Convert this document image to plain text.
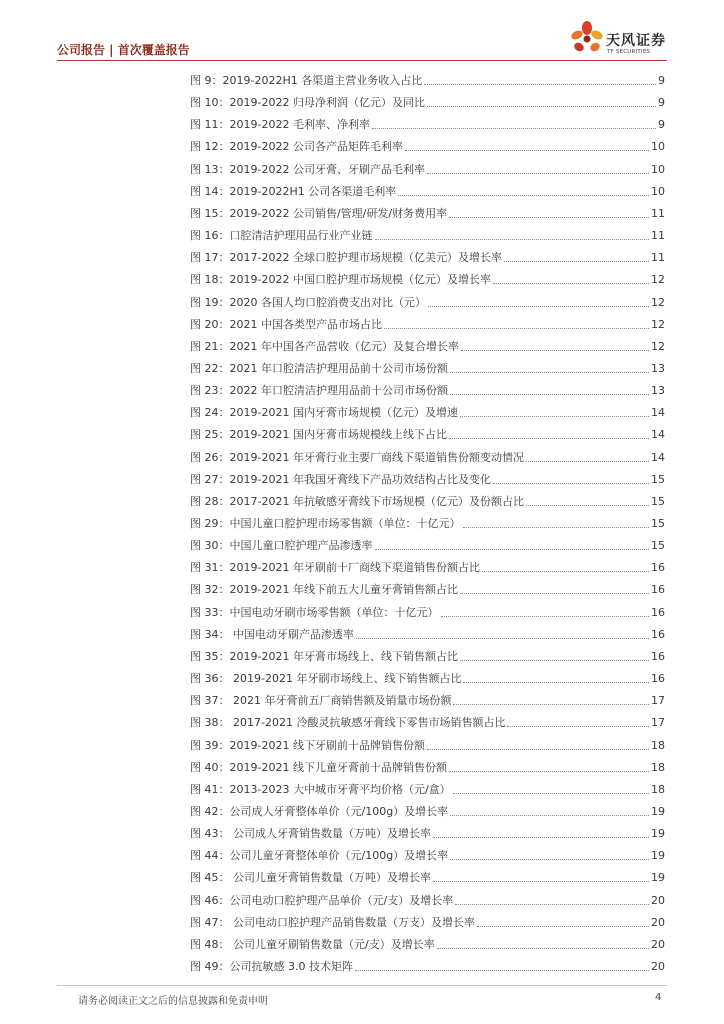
公司报告 | 首次覆盖报告
天风证券
TF SECURITIES
图 9：2019-2022H1 各渠道主营业务收入占比	9
图 10：2019-2022 归母净利润（亿元）及同比	9
图 11：2019-2022 毛利率、净利率	9
图 12：2019-2022 公司各产品矩阵毛利率	10
图 13：2019-2022 公司牙膏、牙刷产品毛利率	10
图 14：2019-2022H1 公司各渠道毛利率	10
图 15：2019-2022 公司销售/管理/研发/财务费用率	11
图 16：口腔清洁护理用品行业产业链	11
图 17：2017-2022 全球口腔护理市场规模（亿美元）及增长率	11
图 18：2019-2022 中国口腔护理市场规模（亿元）及增长率	12
图 19：2020 各国人均口腔消费支出对比（元）	12
图 20：2021 中国各类型产品市场占比	12
图 21：2021 年中国各产品营收（亿元）及复合增长率	12
图 22：2021 年口腔清洁护理用品前十公司市场份额	13
图 23：2022 年口腔清洁护理用品前十公司市场份额	13
图 24：2019-2021 国内牙膏市场规模（亿元）及增速	14
图 25：2019-2021 国内牙膏市场规模线上线下占比	14
图 26：2019-2021 年牙膏行业主要厂商线下渠道销售份额变动情况	14
图 27：2019-2021 年我国牙膏线下产品功效结构占比及变化	15
图 28：2017-2021 年抗敏感牙膏线下市场规模（亿元）及份额占比	15
图 29：中国儿童口腔护理市场零售额（单位：十亿元）	15
图 30：中国儿童口腔护理产品渗透率	15
图 31：2019-2021 年牙刷前十厂商线下渠道销售份额占比	16
图 32：2019-2021 年线下前五大儿童牙膏销售额占比	16
图 33：中国电动牙刷市场零售额（单位：十亿元）	16
图 34： 中国电动牙刷产品渗透率	16
图 35：2019-2021 年牙膏市场线上、线下销售额占比	16
图 36： 2019-2021 年牙刷市场线上、线下销售额占比	16
图 37： 2021 年牙膏前五厂商销售额及销量市场份额	17
图 38： 2017-2021 冷酸灵抗敏感牙膏线下零售市场销售额占比	17
图 39：2019-2021 线下牙刷前十品牌销售份额	18
图 40：2019-2021 线下儿童牙膏前十品牌销售份额	18
图 41：2013-2023 大中城市牙膏平均价格（元/盒）	18
图 42：公司成人牙膏整体单价（元/100g）及增长率	19
图 43： 公司成人牙膏销售数量（万吨）及增长率	19
图 44：公司儿童牙膏整体单价（元/100g）及增长率	19
图 45： 公司儿童牙膏销售数量（万吨）及增长率	19
图 46：公司电动口腔护理产品单价（元/支）及增长率	20
图 47： 公司电动口腔护理产品销售数量（万支）及增长率	20
图 48： 公司儿童牙刷销售数量（元/支）及增长率	20
图 49：公司抗敏感 3.0 技术矩阵	20
请务必阅读正文之后的信息披露和免责申明	4
